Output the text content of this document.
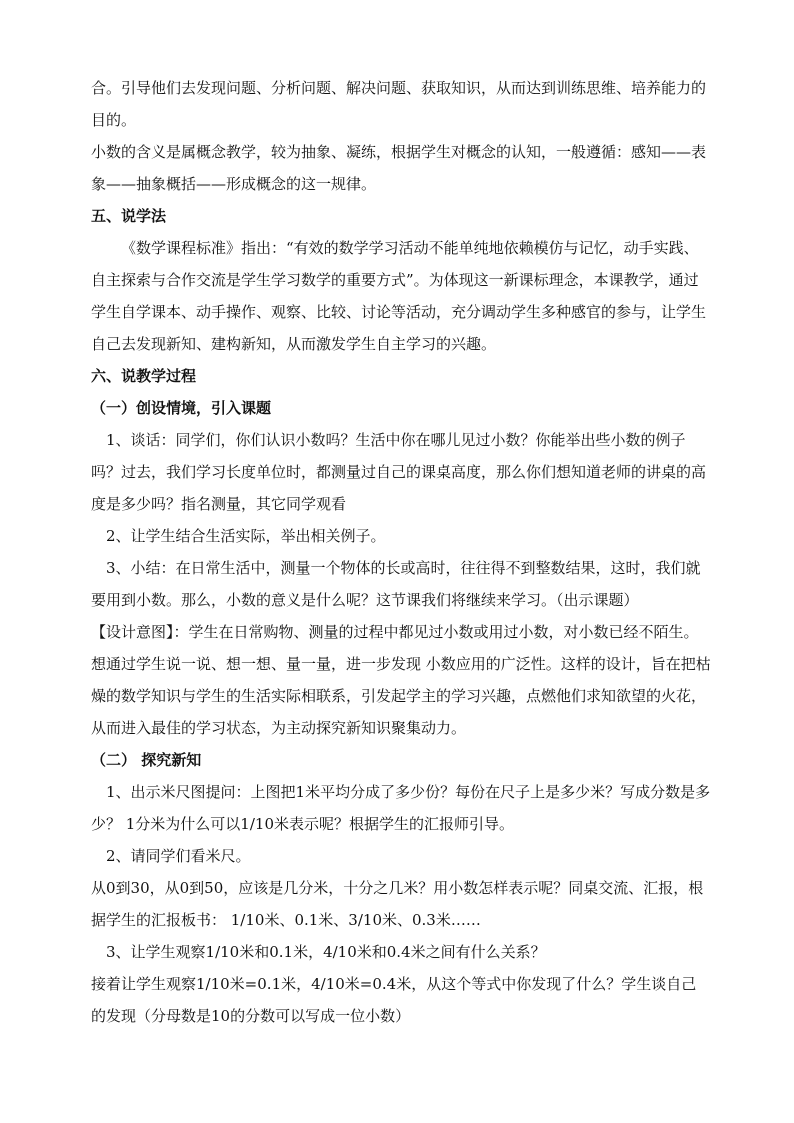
合。引导他们去发现问题、分析问题、解决问题、获取知识，从而达到训练思维、培养能力的目的。

小数的含义是属概念教学，较为抽象、凝练，根据学生对概念的认知，一般遵循：感知——表象——抽象概括——形成概念的这一规律。

五、说学法

《数学课程标准》指出：“有效的数学学习活动不能单纯地依赖模仿与记忆，动手实践、自主探索与合作交流是学生学习数学的重要方式”。为体现这一新课标理念，本课教学，通过学生自学课本、动手操作、观察、比较、讨论等活动，充分调动学生多种感官的参与，让学生自己去发现新知、建构新知，从而激发学生自主学习的兴趣。

六、说教学过程

（一）创设情境，引入课题

1、谈话：同学们，你们认识小数吗？生活中你在哪儿见过小数？你能举出些小数的例子吗？过去，我们学习长度单位时，都测量过自己的课桌高度，那么你们想知道老师的讲桌的高度是多少吗？指名测量，其它同学观看

2、让学生结合生活实际，举出相关例子。

3、小结：在日常生活中，测量一个物体的长或高时，往往得不到整数结果，这时，我们就要用到小数。那么，小数的意义是什么呢？这节课我们将继续来学习。（出示课题）

【设计意图】：学生在日常购物、测量的过程中都见过小数或用过小数，对小数已经不陌生。想通过学生说一说、想一想、量一量，进一步发现 小数应用的广泛性。这样的设计，旨在把枯燥的数学知识与学生的生活实际相联系，引发起学主的学习兴趣，点燃他们求知欲望的火花，从而进入最佳的学习状态，为主动探究新知识聚集动力。

（二） 探究新知

1、出示米尺图提问：上图把1米平均分成了多少份？每份在尺子上是多少米？写成分数是多少？ 1分米为什么可以1/10米表示呢？根据学生的汇报师引导。

2、请同学们看米尺。

从0到30，从0到50，应该是几分米，十分之几米？用小数怎样表示呢？同桌交流、汇报，根据学生的汇报板书： 1/10米、0.1米、3/10米、0.3米……

3、让学生观察1/10米和0.1米，4/10米和0.4米之间有什么关系？

接着让学生观察1/10米=0.1米，4/10米=0.4米，从这个等式中你发现了什么？学生谈自己的发现（分母数是10的分数可以写成一位小数）
